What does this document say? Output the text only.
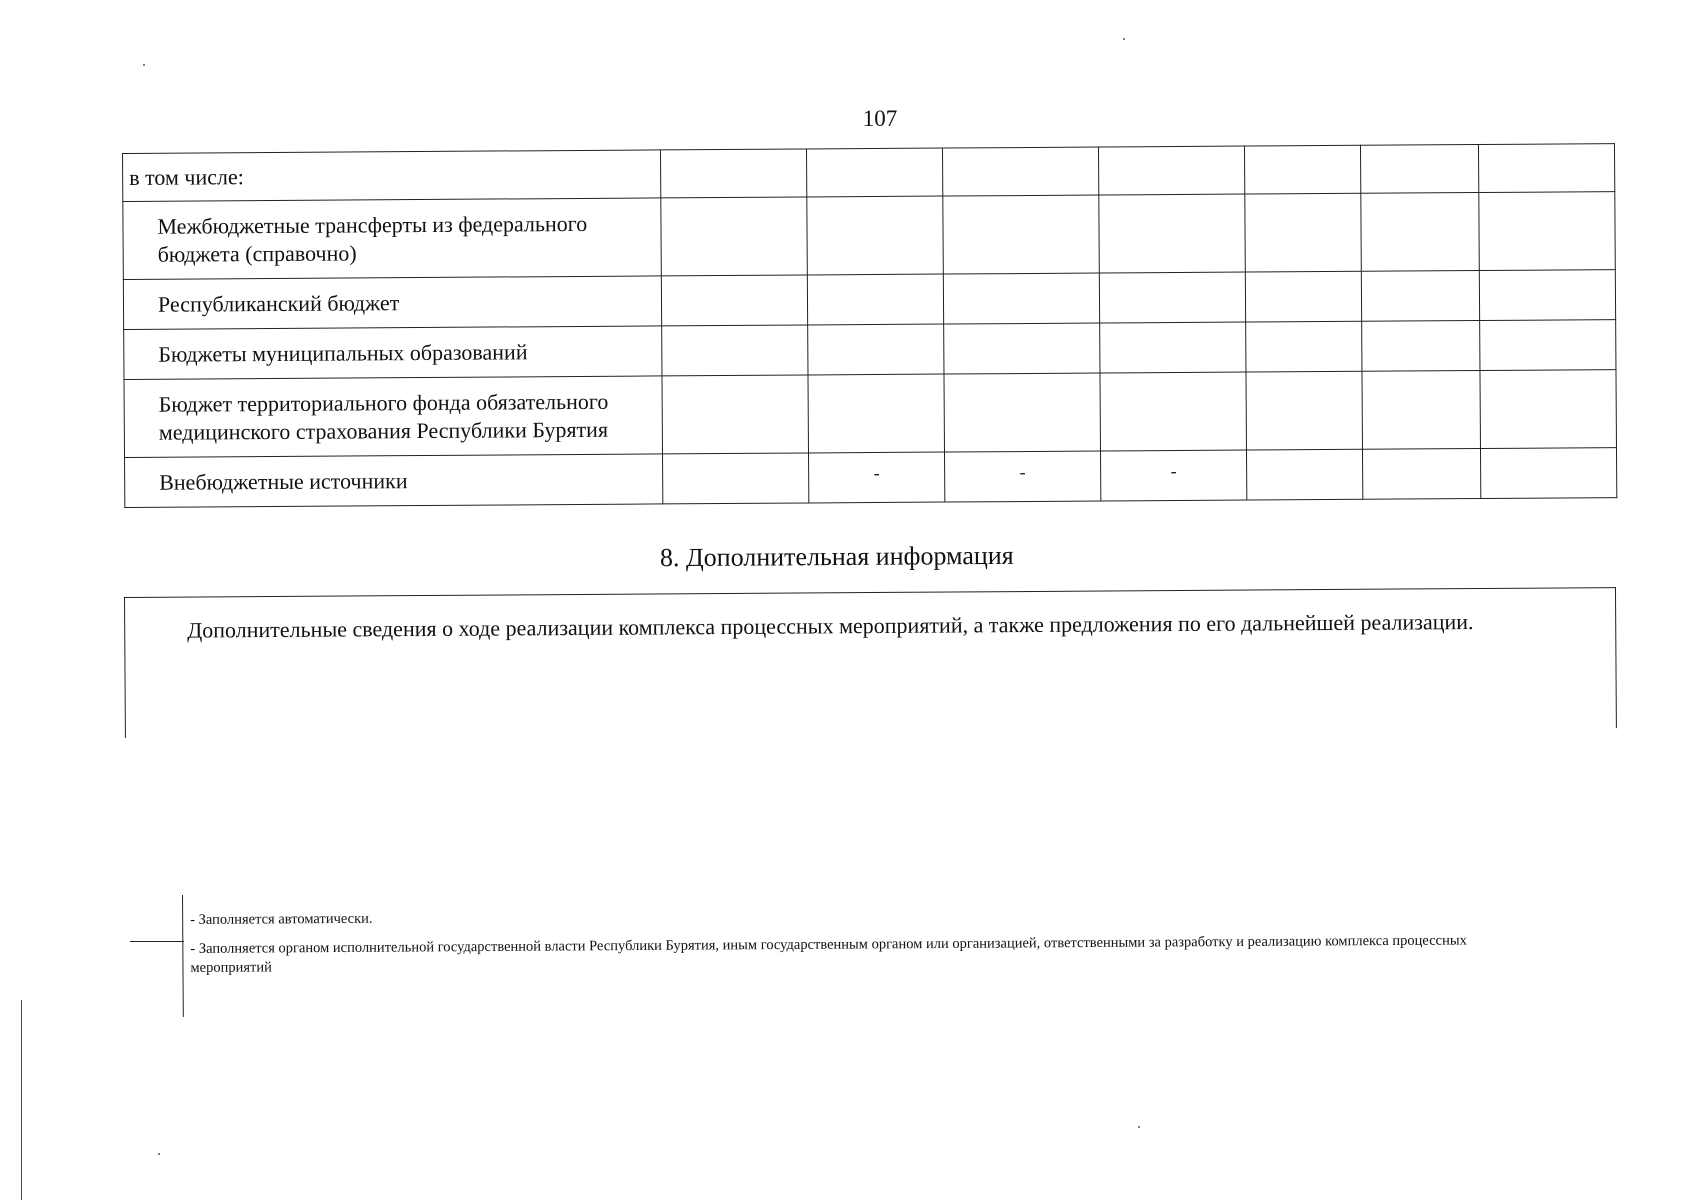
107
в том числе:							
Межбюджетные трансферты из федерального бюджета (справочно)							
Республиканский бюджет							
Бюджеты муниципальных образований							
Бюджет территориального фонда обязательного медицинского страхования Республики Бурятия							
Внебюджетные источники		-	-	-			
8. Дополнительная информация
Дополнительные сведения о ходе реализации комплекса процессных мероприятий, а также предложения по его дальнейшей реализации.
- Заполняется автоматически.
- Заполняется органом исполнительной государственной власти Республики Бурятия, иным государственным органом или организацией, ответственными за разработку и реализацию комплекса процессных мероприятий
